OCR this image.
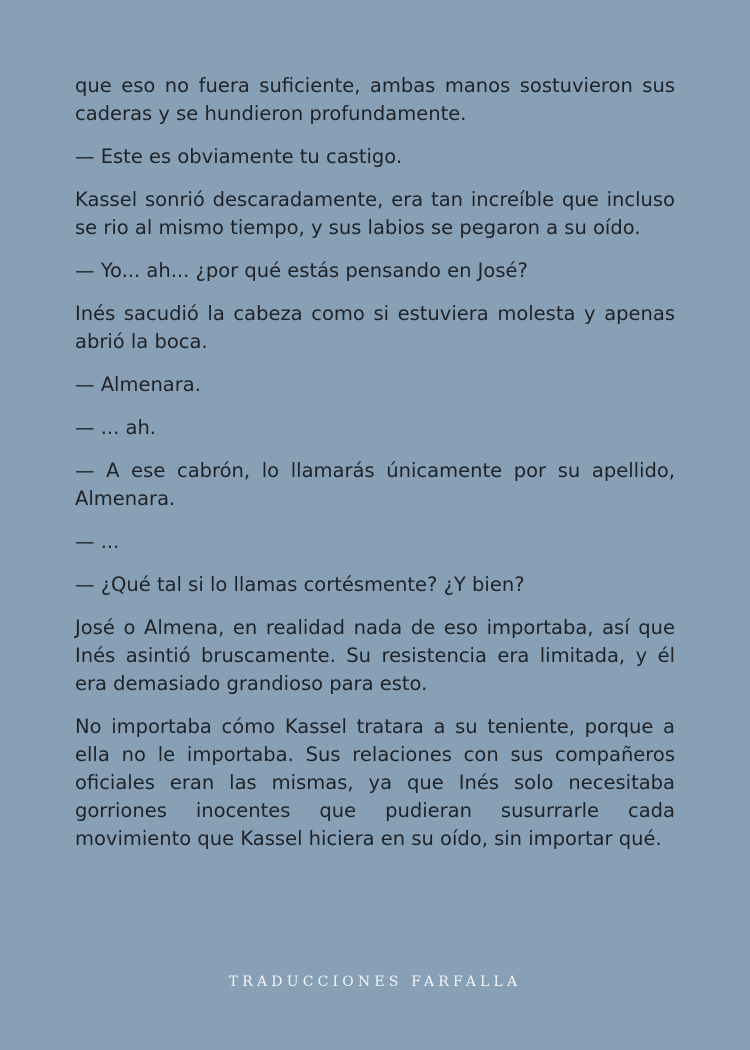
que eso no fuera suficiente, ambas manos sostuvieron sus caderas y se hundieron profundamente.

— Este es obviamente tu castigo.

Kassel sonrió descaradamente, era tan increíble que incluso se rio al mismo tiempo, y sus labios se pegaron a su oído.

— Yo... ah... ¿por qué estás pensando en José?

Inés sacudió la cabeza como si estuviera molesta y apenas abrió la boca.

— Almenara.

— ... ah.

— A ese cabrón, lo llamarás únicamente por su apellido, Almenara.

— ...

— ¿Qué tal si lo llamas cortésmente? ¿Y bien?

José o Almena, en realidad nada de eso importaba, así que Inés asintió bruscamente. Su resistencia era limitada, y él era demasiado grandioso para esto.

No importaba cómo Kassel tratara a su teniente, porque a ella no le importaba. Sus relaciones con sus compañeros oficiales eran las mismas, ya que Inés solo necesitaba gorriones inocentes que pudieran susurrarle cada movimiento que Kassel hiciera en su oído, sin importar qué.

TRADUCCIONES FARFALLA
